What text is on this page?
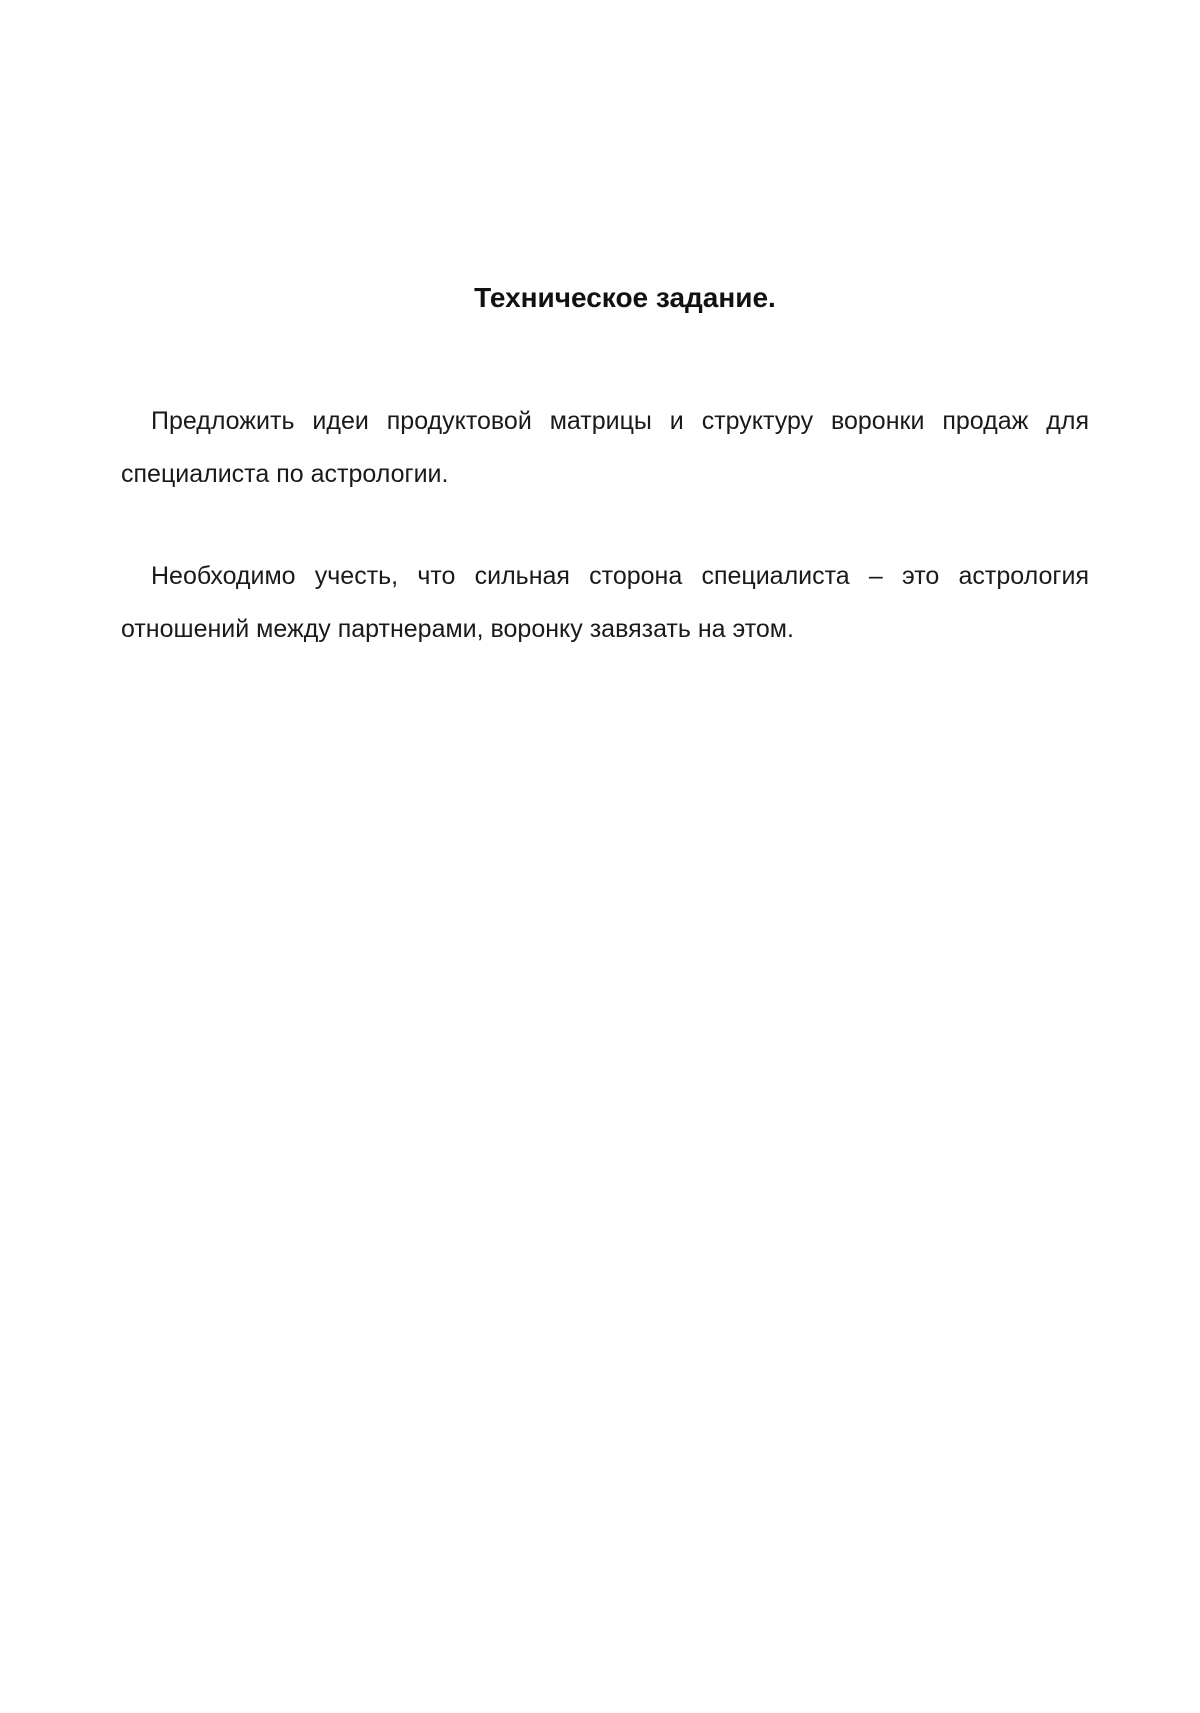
Техническое задание.

Предложить идеи продуктовой матрицы и структуру воронки продаж для специалиста по астрологии.

Необходимо учесть, что сильная сторона специалиста – это астрология отношений между партнерами, воронку завязать на этом.
